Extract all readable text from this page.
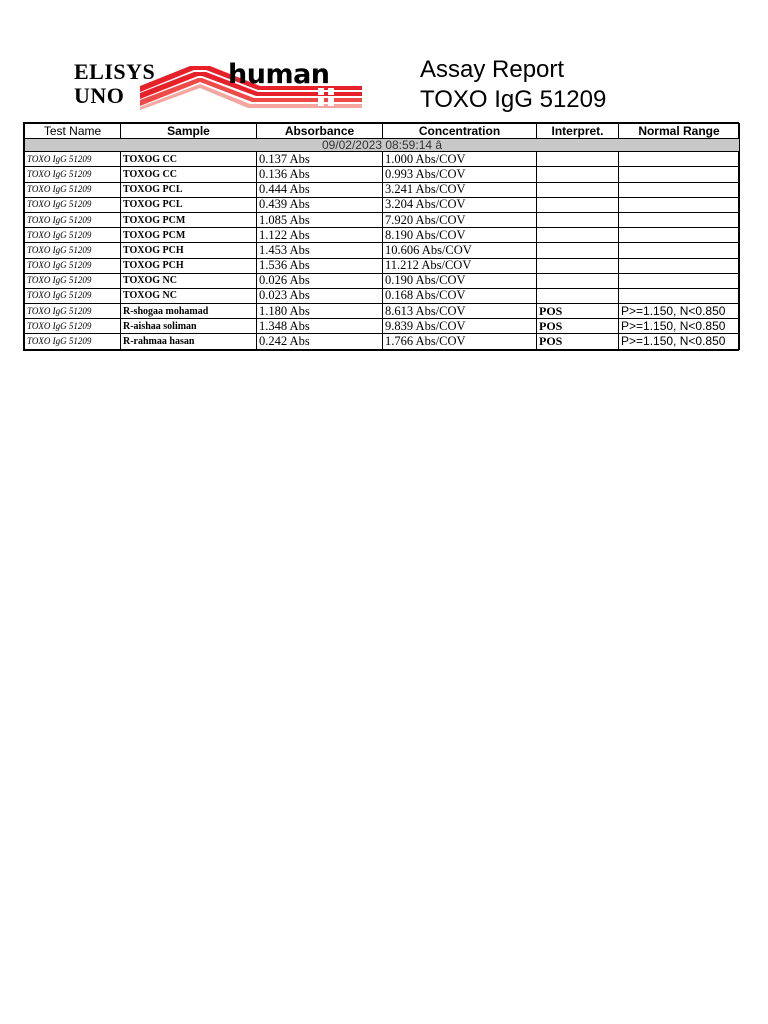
ELISYS
UNO
human	Assay Report
TOXO IgG 51209
Test Name	Sample	Absorbance	Concentration	Interpret.	Normal Range
09/02/2023 08:59:14 â					
TOXO IgG 51209	TOXOG CC	0.137 Abs	1.000 Abs/COV		
TOXO IgG 51209	TOXOG CC	0.136 Abs	0.993 Abs/COV		
TOXO IgG 51209	TOXOG PCL	0.444 Abs	3.241 Abs/COV		
TOXO IgG 51209	TOXOG PCL	0.439 Abs	3.204 Abs/COV		
TOXO IgG 51209	TOXOG PCM	1.085 Abs	7.920 Abs/COV		
TOXO IgG 51209	TOXOG PCM	1.122 Abs	8.190 Abs/COV		
TOXO IgG 51209	TOXOG PCH	1.453 Abs	10.606 Abs/COV		
TOXO IgG 51209	TOXOG PCH	1.536 Abs	11.212 Abs/COV		
TOXO IgG 51209	TOXOG NC	0.026 Abs	0.190 Abs/COV		
TOXO IgG 51209	TOXOG NC	0.023 Abs	0.168 Abs/COV		
TOXO IgG 51209	R-shogaa mohamad	1.180 Abs	8.613 Abs/COV	POS	P>=1.150, N<0.850
TOXO IgG 51209	R-aishaa soliman	1.348 Abs	9.839 Abs/COV	POS	P>=1.150, N<0.850
TOXO IgG 51209	R-rahmaa hasan	0.242 Abs	1.766 Abs/COV	POS	P>=1.150, N<0.850
